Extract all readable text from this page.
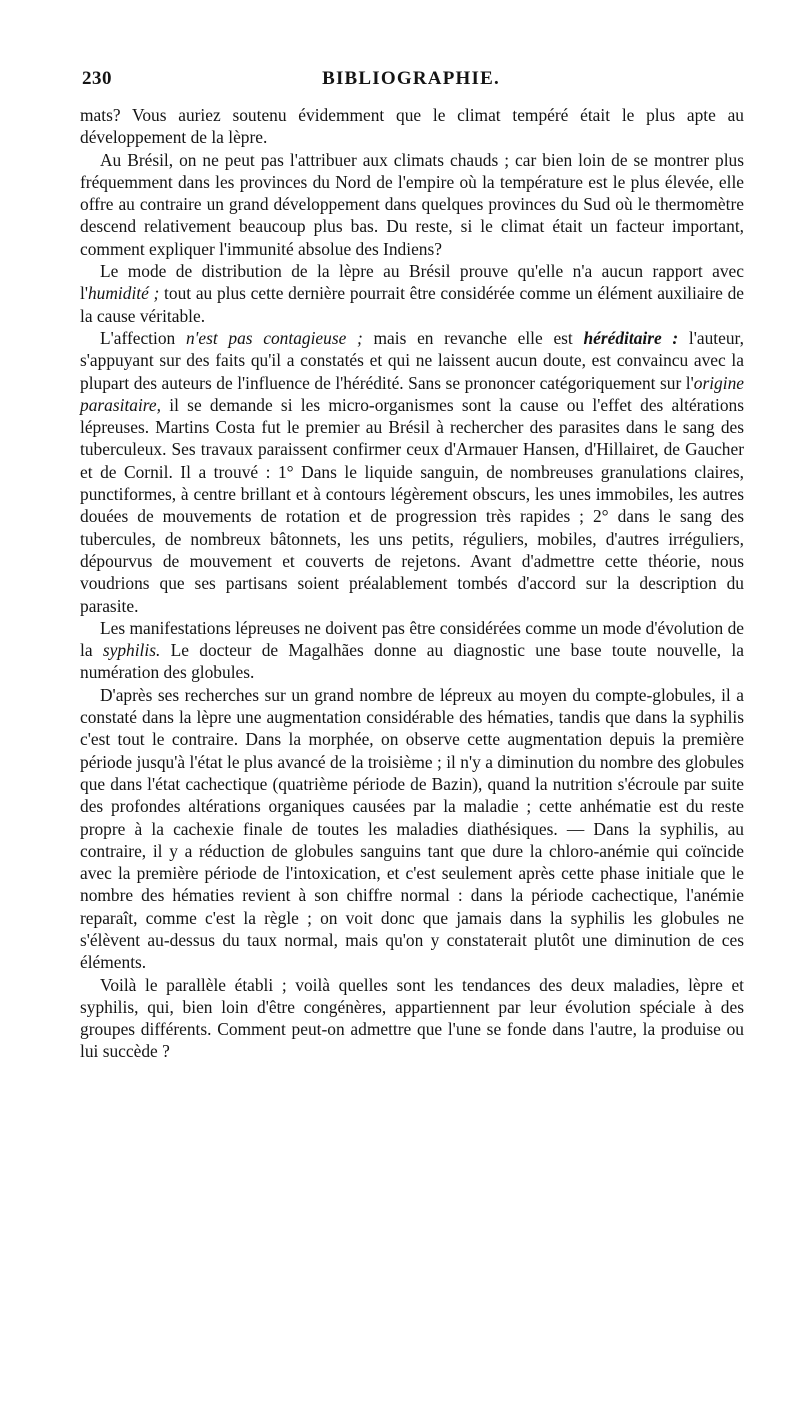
230	BIBLIOGRAPHIE.

mats? Vous auriez soutenu évidemment que le climat tempéré était le plus apte au développement de la lèpre.

Au Brésil, on ne peut pas l'attribuer aux climats chauds ; car bien loin de se montrer plus fréquemment dans les provinces du Nord de l'empire où la température est le plus élevée, elle offre au contraire un grand développement dans quelques provinces du Sud où le thermomètre descend relativement beaucoup plus bas. Du reste, si le climat était un facteur important, comment expliquer l'immunité absolue des Indiens?

Le mode de distribution de la lèpre au Brésil prouve qu'elle n'a aucun rapport avec l'humidité ; tout au plus cette dernière pourrait être considérée comme un élément auxiliaire de la cause véritable.

L'affection n'est pas contagieuse ; mais en revanche elle est héréditaire : l'auteur, s'appuyant sur des faits qu'il a constatés et qui ne laissent aucun doute, est convaincu avec la plupart des auteurs de l'influence de l'hérédité. Sans se prononcer catégoriquement sur l'origine parasitaire, il se demande si les micro-organismes sont la cause ou l'effet des altérations lépreuses. Martins Costa fut le premier au Brésil à rechercher des parasites dans le sang des tuberculeux. Ses travaux paraissent confirmer ceux d'Armauer Hansen, d'Hillairet, de Gaucher et de Cornil. Il a trouvé : 1° Dans le liquide sanguin, de nombreuses granulations claires, punctiformes, à centre brillant et à contours légèrement obscurs, les unes immobiles, les autres douées de mouvements de rotation et de progression très rapides ; 2° dans le sang des tubercules, de nombreux bâtonnets, les uns petits, réguliers, mobiles, d'autres irréguliers, dépourvus de mouvement et couverts de rejetons. Avant d'admettre cette théorie, nous voudrions que ses partisans soient préalablement tombés d'accord sur la description du parasite.

Les manifestations lépreuses ne doivent pas être considérées comme un mode d'évolution de la syphilis. Le docteur de Magalhães donne au diagnostic une base toute nouvelle, la numération des globules.

D'après ses recherches sur un grand nombre de lépreux au moyen du compte-globules, il a constaté dans la lèpre une augmentation considérable des hématies, tandis que dans la syphilis c'est tout le contraire. Dans la morphée, on observe cette augmentation depuis la première période jusqu'à l'état le plus avancé de la troisième ; il n'y a diminution du nombre des globules que dans l'état cachectique (quatrième période de Bazin), quand la nutrition s'écroule par suite des profondes altérations organiques causées par la maladie ; cette anhématie est du reste propre à la cachexie finale de toutes les maladies diathésiques. — Dans la syphilis, au contraire, il y a réduction de globules sanguins tant que dure la chloro-anémie qui coïncide avec la première période de l'intoxication, et c'est seulement après cette phase initiale que le nombre des hématies revient à son chiffre normal : dans la période cachectique, l'anémie reparaît, comme c'est la règle ; on voit donc que jamais dans la syphilis les globules ne s'élèvent au-dessus du taux normal, mais qu'on y constaterait plutôt une diminution de ces éléments.

Voilà le parallèle établi ; voilà quelles sont les tendances des deux maladies, lèpre et syphilis, qui, bien loin d'être congénères, appartiennent par leur évolution spéciale à des groupes différents. Comment peut-on admettre que l'une se fonde dans l'autre, la produise ou lui succède ?
